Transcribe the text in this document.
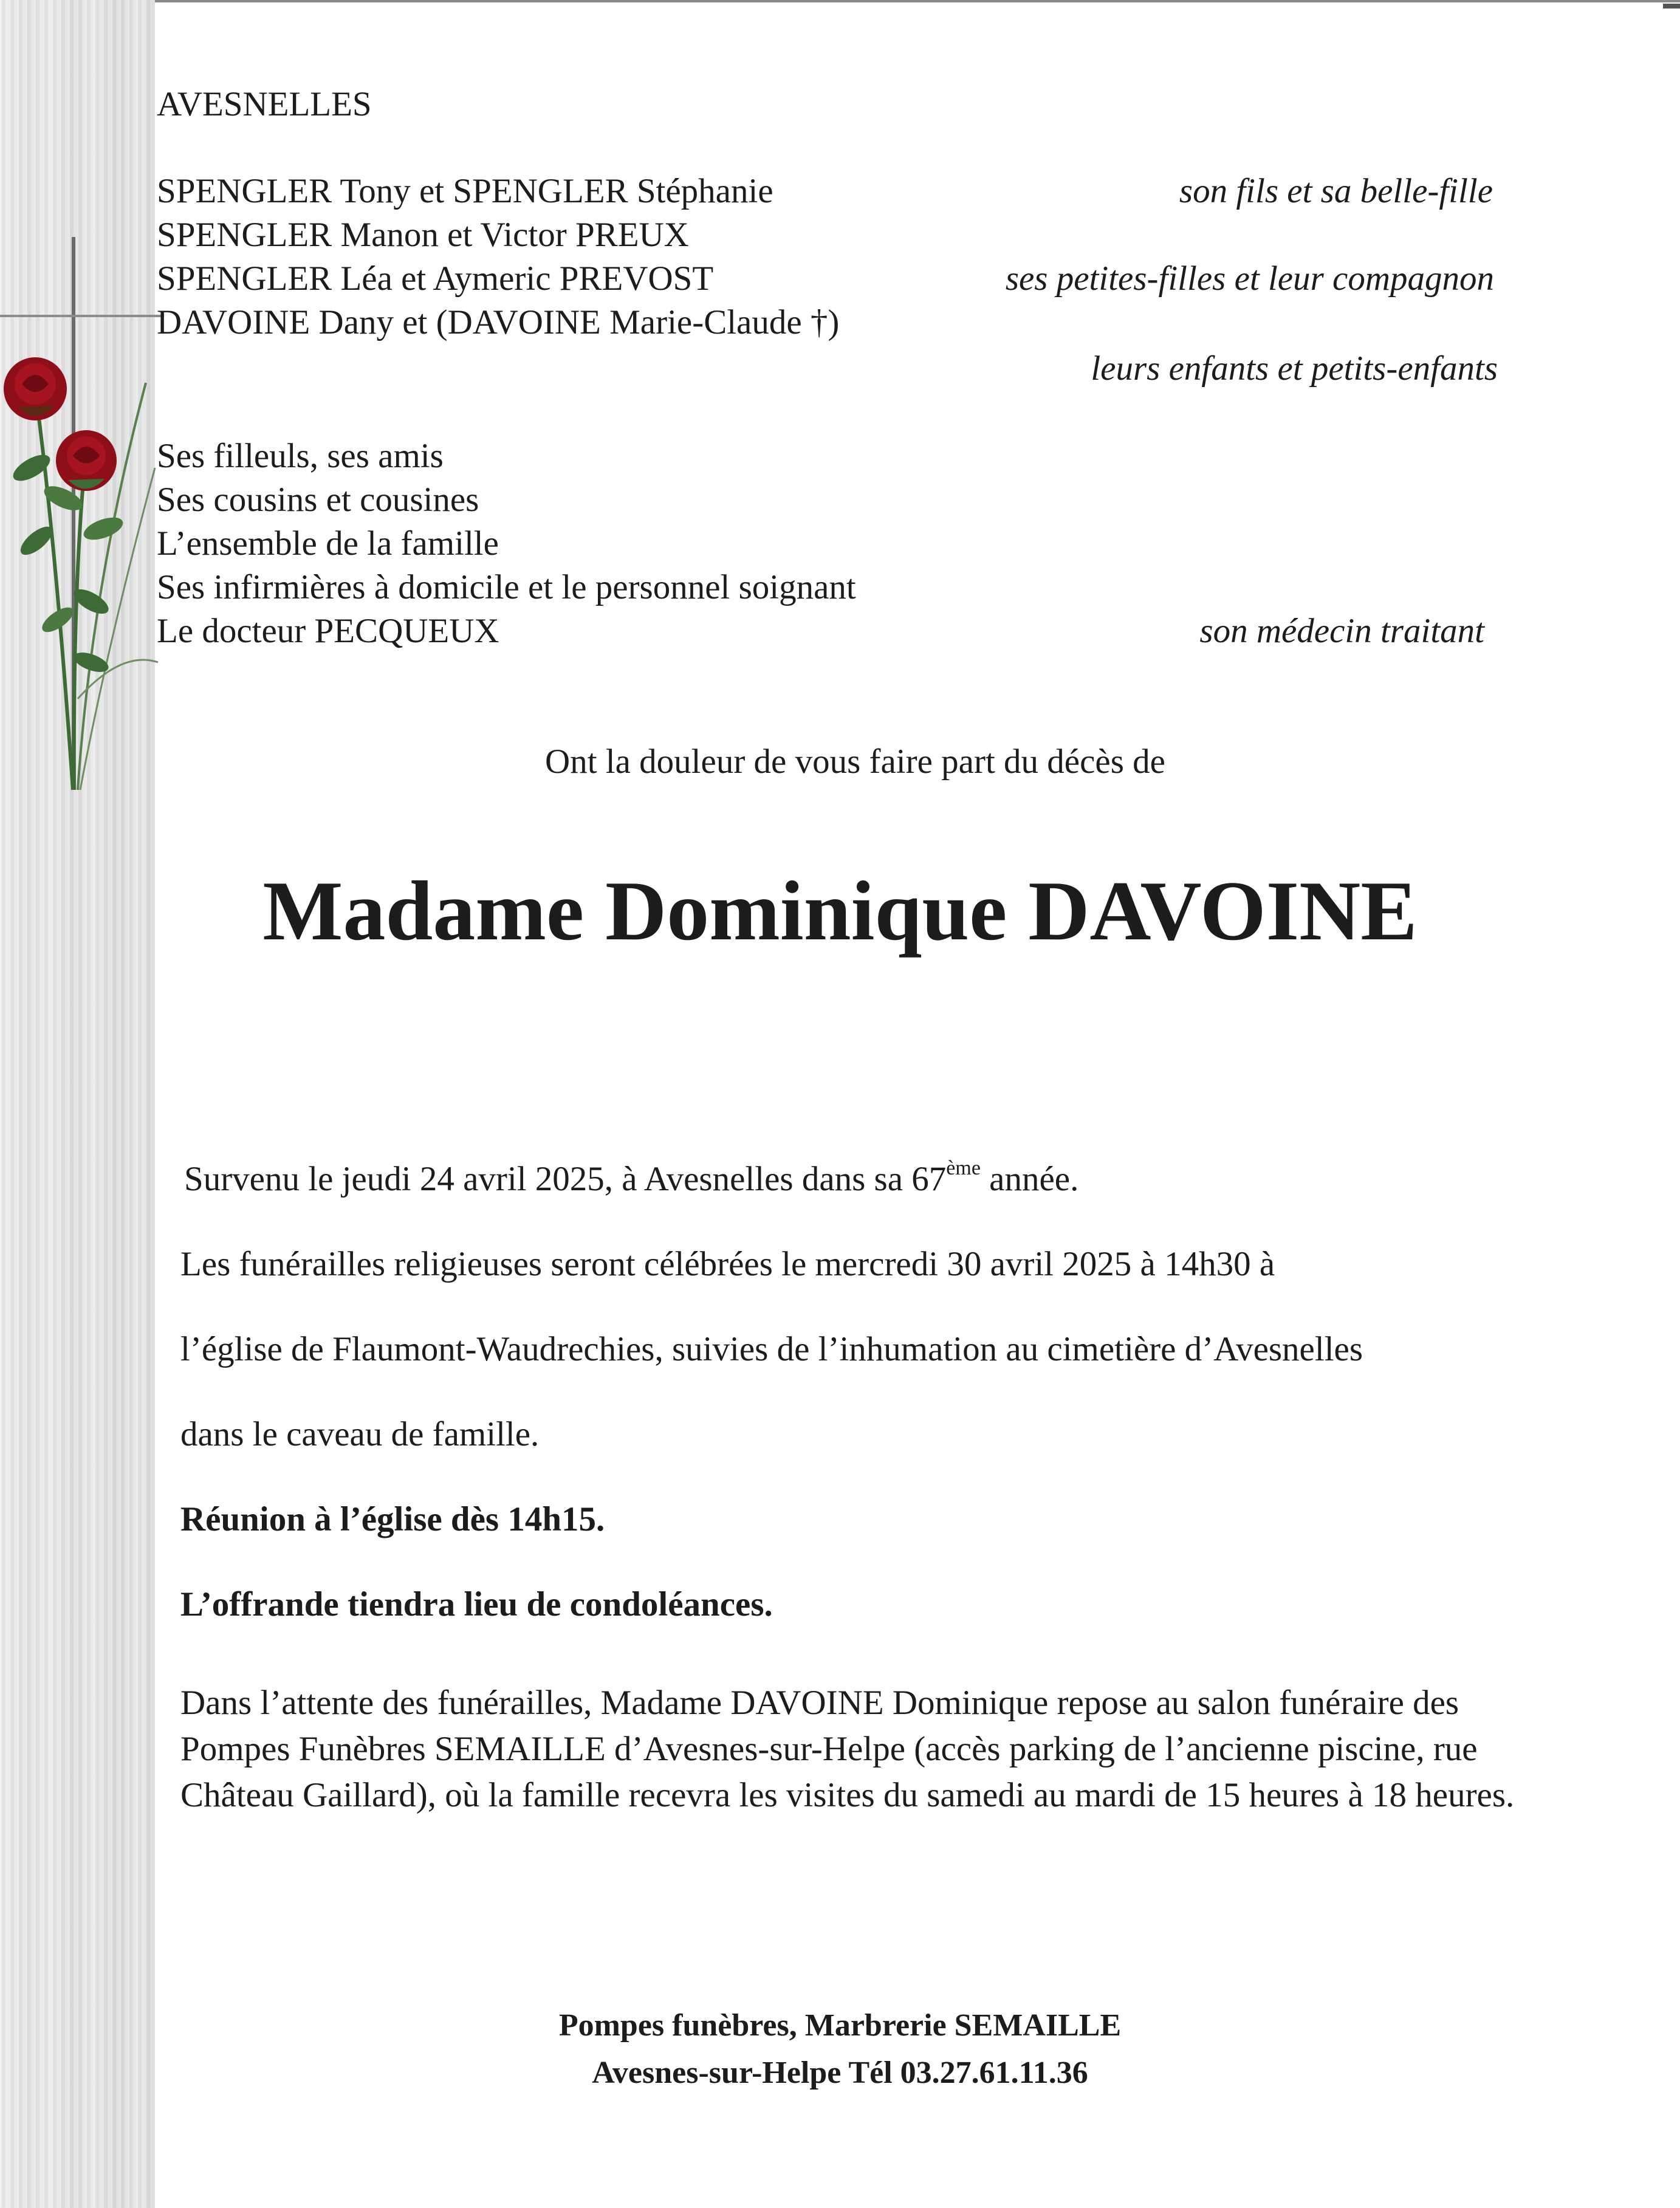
AVESNELLES
SPENGLER Tony et SPENGLER Stéphanie	son fils et sa belle-fille
SPENGLER Manon et Victor PREUX
SPENGLER Léa et Aymeric PREVOST	ses petites-filles et leur compagnon
DAVOINE Dany et (DAVOINE Marie-Claude †)
leurs enfants et petits-enfants
Ses filleuls, ses amis
Ses cousins et cousines
L’ensemble de la famille
Ses infirmières à domicile et le personnel soignant
Le docteur PECQUEUX	son médecin traitant
Ont la douleur de vous faire part du décès de
Madame Dominique DAVOINE
Survenu le jeudi 24 avril 2025, à Avesnelles dans sa 67ème année.
Les funérailles religieuses seront célébrées le mercredi 30 avril 2025 à 14h30 à
l’église de Flaumont-Waudrechies, suivies de l’inhumation au cimetière d’Avesnelles
dans le caveau de famille.
Réunion à l’église dès 14h15.
L’offrande tiendra lieu de condoléances.
Dans l’attente des funérailles, Madame DAVOINE Dominique repose au salon funéraire des Pompes Funèbres SEMAILLE d’Avesnes-sur-Helpe (accès parking de l’ancienne piscine, rue Château Gaillard), où la famille recevra les visites du samedi au mardi de 15 heures à 18 heures.
Pompes funèbres, Marbrerie SEMAILLE
Avesnes-sur-Helpe Tél 03.27.61.11.36
